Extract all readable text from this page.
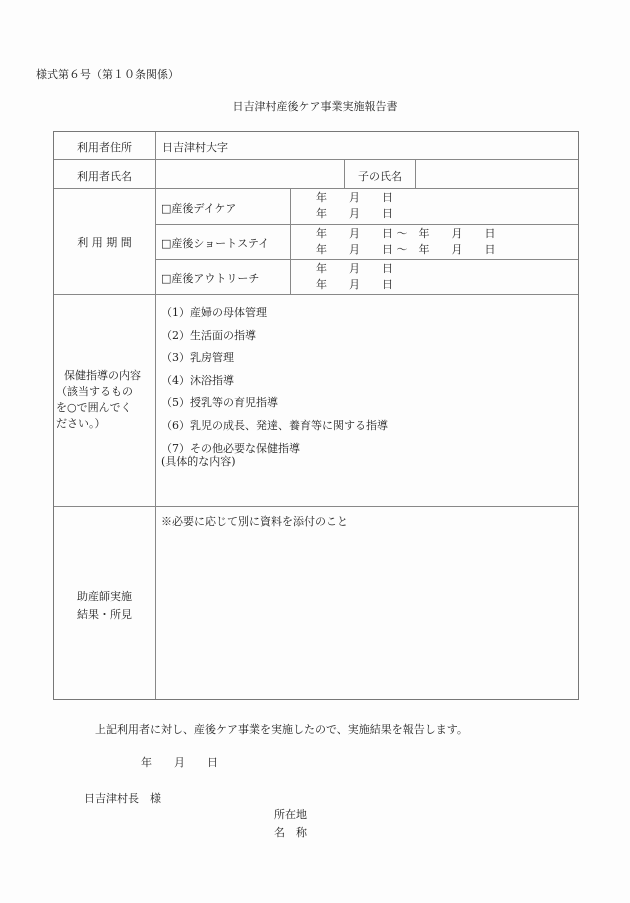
様式第６号（第１０条関係）
日吉津村産後ケア事業実施報告書
利用者住所	日吉津村大字
利用者氏名	子の氏名
利 用 期 間
□産後デイケア
年　　月　　日
年　　月　　日
□産後ショートステイ
年　　月　　日 ～　年　　月　　日
年　　月　　日 ～　年　　月　　日
□産後アウトリーチ
年　　月　　日
年　　月　　日
保健指導の内容
（該当するもの
を○で囲んでく
ださい。）
（1）産婦の母体管理
（2）生活面の指導
（3）乳房管理
（4）沐浴指導
（5）授乳等の育児指導
（6）乳児の成長、発達、養育等に関する指導
（7）その他必要な保健指導
(具体的な内容)
助産師実施
結果・所見
※必要に応じて別に資料を添付のこと
上記利用者に対し、産後ケア事業を実施したので、実施結果を報告します。
年　　月　　日
日吉津村長　様
所在地
名　称
